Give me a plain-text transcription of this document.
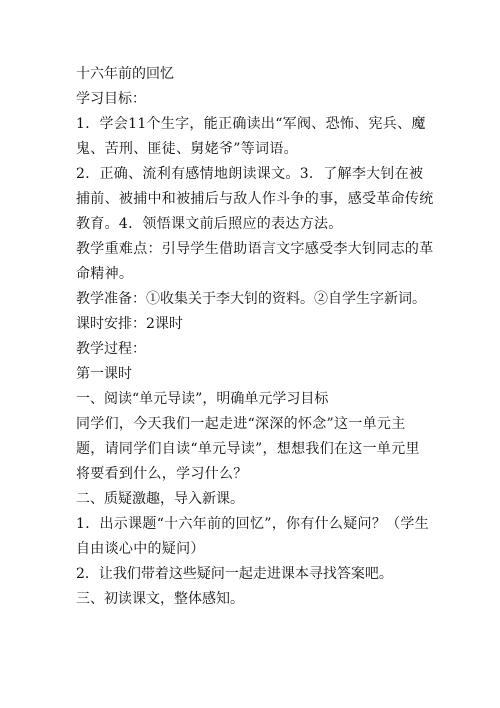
十六年前的回忆
学习目标：
1．学会11个生字，能正确读出“军阀、恐怖、宪兵、魔鬼、苦刑、匪徒、舅姥爷”等词语。
2．正确、流利有感情地朗读课文。3．了解李大钊在被捕前、被捕中和被捕后与敌人作斗争的事，感受革命传统教育。4．领悟课文前后照应的表达方法。
教学重难点：引导学生借助语言文字感受李大钊同志的革命精神。
教学准备：①收集关于李大钊的资料。②自学生字新词。
课时安排：2课时
教学过程：
第一课时
一、阅读“单元导读”，明确单元学习目标
同学们，今天我们一起走进“深深的怀念”这一单元主题，请同学们自读“单元导读”，想想我们在这一单元里将要看到什么，学习什么？
二、质疑激趣，导入新课。
1．出示课题“十六年前的回忆”，你有什么疑问？（学生自由谈心中的疑问）
2．让我们带着这些疑问一起走进课本寻找答案吧。
三、初读课文，整体感知。
